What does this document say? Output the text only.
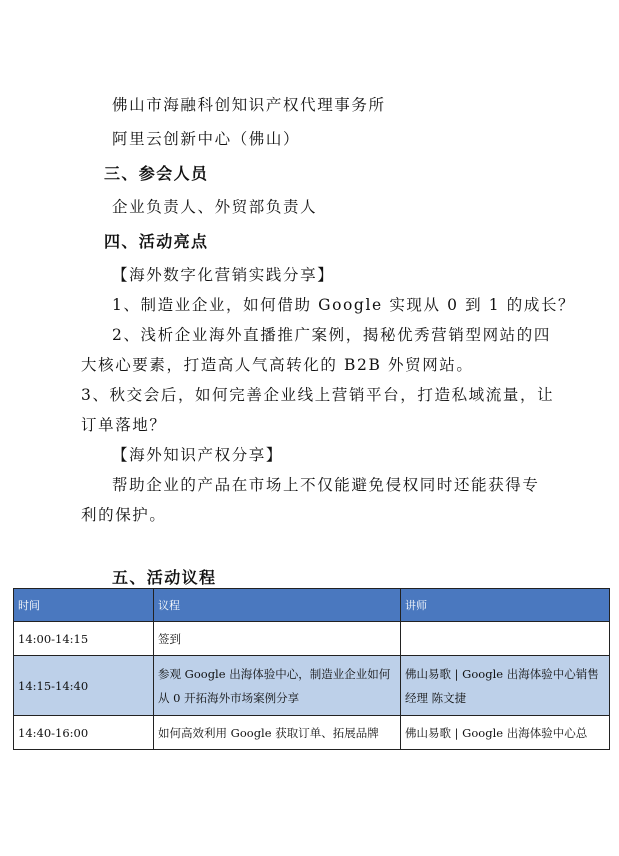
佛山市海融科创知识产权代理事务所
阿里云创新中心（佛山）
三、参会人员
企业负责人、外贸部负责人
四、活动亮点
【海外数字化营销实践分享】
1、制造业企业，如何借助 Google 实现从 0 到 1 的成长？
2、浅析企业海外直播推广案例，揭秘优秀营销型网站的四
大核心要素，打造高人气高转化的 B2B 外贸网站。
3、秋交会后，如何完善企业线上营销平台，打造私域流量，让
订单落地？
【海外知识产权分享】
帮助企业的产品在市场上不仅能避免侵权同时还能获得专
利的保护。
五、活动议程
时间	议程	讲师
14:00-14:15	签到	
14:15-14:40	参观 Google 出海体验中心，制造业企业如何从 0 开拓海外市场案例分享	佛山易歌 | Google 出海体验中心销售经理 陈文捷
14:40-16:00	如何高效利用 Google 获取订单、拓展品牌	佛山易歌 | Google 出海体验中心总
